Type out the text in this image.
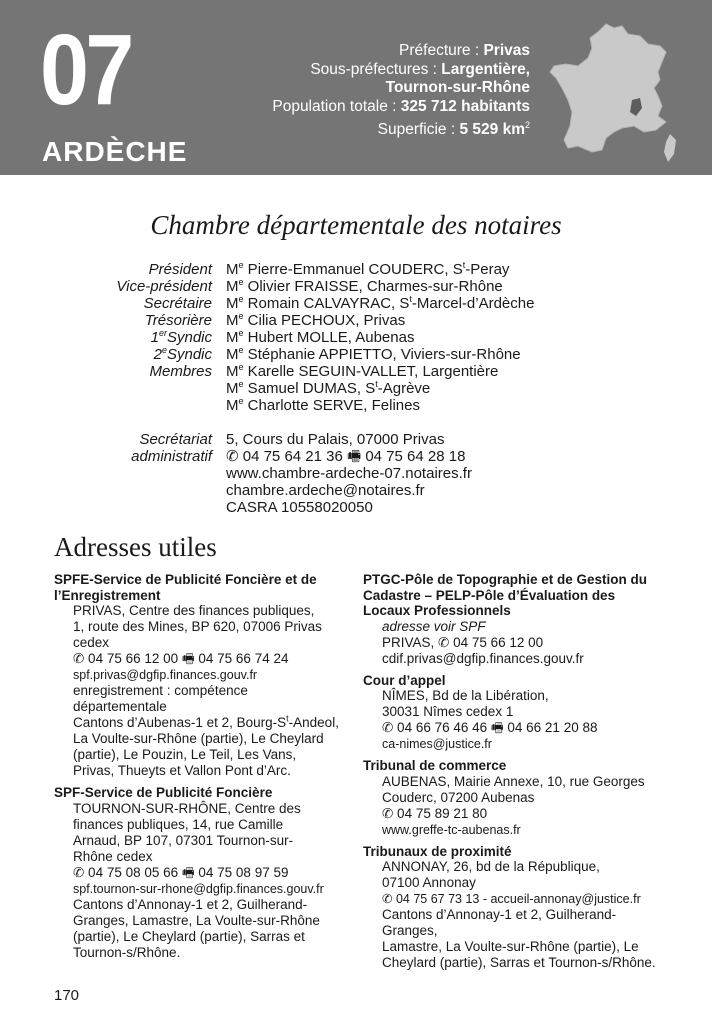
07
ARDÈCHE
Préfecture : Privas
Sous-préfectures : Largentière,
Tournon-sur-Rhône
Population totale : 325 712 habitants
Superficie : 5 529 $km^2$
Chambre départementale des notaires
Président Me Pierre-Emmanuel COUDERC, $S^t$-Peray
Vice-président Me Olivier FRAISSE, Charmes-sur-Rhône
Secrétaire Me Romain CALVAYRAC, $S^t-Marcel-d’Ardèche$
Trésorière Me Cilia PECHOUX, Privas
1erSyndic Me Hubert MOLLE, Aubenas
2eSyndic Me Stéphanie APPIETTO, Viviers-sur-Rhône
Membres Me Karelle SEGUIN-VALLET, Largentière
Me Samuel DUMAS, $S^t$-Agrève
Me Charlotte SERVE, Felines
Secrétariat 5, Cours du Palais, 07000 Privas
administratif ✆ 04 75 64 21 36 🖷 04 75 64 28 18
www.chambre-ardeche-07.notaires.fr
chambre.ardeche@notaires.fr
CASRA 10558020050
Adresses utiles
SPFE-Service de Publicité Foncière et de l’Enregistrement
PRIVAS, Centre des finances publiques,
1, route des Mines, BP 620, 07006 Privas
cedex
✆ 04 75 66 12 00 🖷 04 75 66 74 24
spf.privas@dgfip.finances.gouv.fr
enregistrement : compétence
départementale
Cantons d’Aubenas-1 et 2, Bourg-$S^t$-Andeol,
La Voulte-sur-Rhône (partie), Le Cheylard
(partie), Le Pouzin, Le Teil, Les Vans,
Privas, Thueyts et Vallon Pont d’Arc.
SPF-Service de Publicité Foncière
TOURNON-SUR-RHÔNE, Centre des
finances publiques, 14, rue Camille
Arnaud, BP 107, 07301 Tournon-sur-
Rhône cedex
✆ 04 75 08 05 66 🖷 04 75 08 97 59
spf.tournon-sur-rhone@dgfip.finances.gouv.fr
Cantons d’Annonay-1 et 2, Guilherand-
Granges, Lamastre, La Voulte-sur-Rhône
(partie), Le Cheylard (partie), Sarras et
Tournon-s/Rhône.
PTGC-Pôle de Topographie et de Gestion du Cadastre – PELP-Pôle d’Évaluation des Locaux Professionnels
adresse voir SPF
PRIVAS, ✆ 04 75 66 12 00
cdif.privas@dgfip.finances.gouv.fr
Cour d’appel
NÎMES, Bd de la Libération,
30031 Nîmes cedex 1
✆ 04 66 76 46 46 🖷 04 66 21 20 88
ca-nimes@justice.fr
Tribunal de commerce
AUBENAS, Mairie Annexe, 10, rue Georges
Couderc, 07200 Aubenas
✆ 04 75 89 21 80
www.greffe-tc-aubenas.fr
Tribunaux de proximité
ANNONAY, 26, bd de la République,
07100 Annonay
✆ 04 75 67 73 13 - accueil-annonay@justice.fr
Cantons d’Annonay-1 et 2, Guilherand-Granges,
Lamastre, La Voulte-sur-Rhône (partie), Le
Cheylard (partie), Sarras et Tournon-s/Rhône.
170
